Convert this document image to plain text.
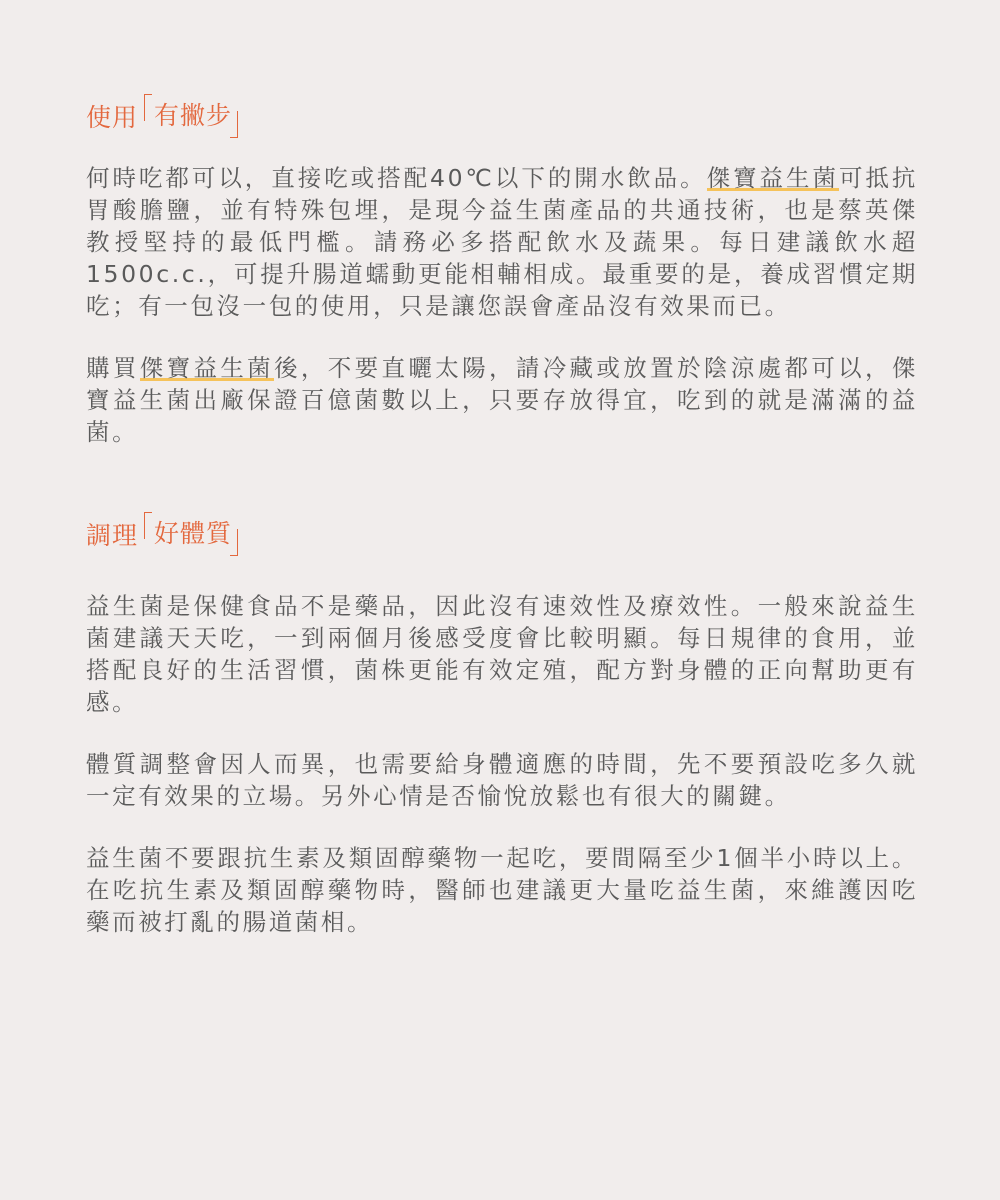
使用 有撇步

何時吃都可以，直接吃或搭配40℃以下的開水飲品。傑寶益生菌可抵抗胃酸膽鹽，並有特殊包埋，是現今益生菌產品的共通技術，也是蔡英傑教授堅持的最低門檻。請務必多搭配飲水及蔬果。每日建議飲水超1500c.c.，可提升腸道蠕動更能相輔相成。最重要的是，養成習慣定期吃；有一包沒一包的使用，只是讓您誤會產品沒有效果而已。

購買傑寶益生菌後，不要直曬太陽，請冷藏或放置於陰涼處都可以，傑寶益生菌出廠保證百億菌數以上，只要存放得宜，吃到的就是滿滿的益菌。

調理 好體質

益生菌是保健食品不是藥品，因此沒有速效性及療效性。一般來說益生菌建議天天吃，一到兩個月後感受度會比較明顯。每日規律的食用，並搭配良好的生活習慣，菌株更能有效定殖，配方對身體的正向幫助更有感。

體質調整會因人而異，也需要給身體適應的時間，先不要預設吃多久就一定有效果的立場。另外心情是否愉悅放鬆也有很大的關鍵。

益生菌不要跟抗生素及類固醇藥物一起吃，要間隔至少1個半小時以上。在吃抗生素及類固醇藥物時，醫師也建議更大量吃益生菌，來維護因吃藥而被打亂的腸道菌相。
